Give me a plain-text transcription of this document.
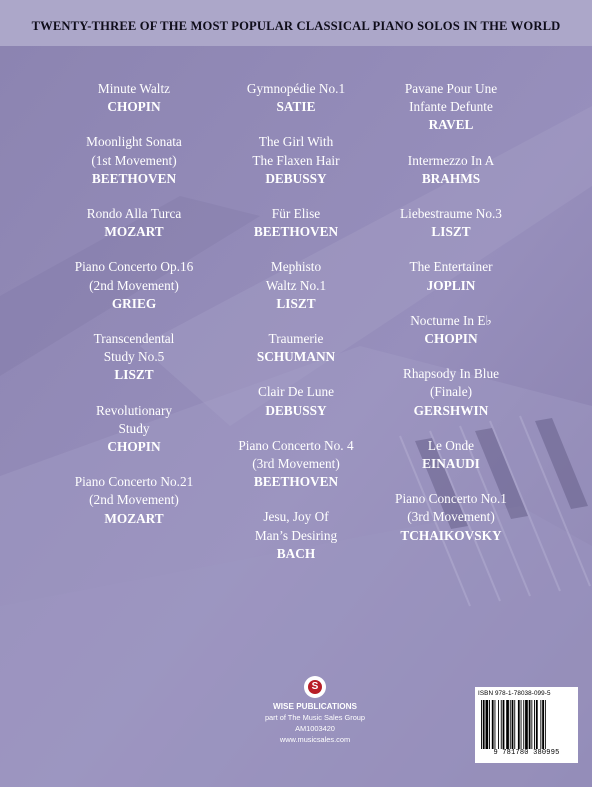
TWENTY-THREE OF THE MOST POPULAR CLASSICAL PIANO SOLOS IN THE WORLD
Minute Waltz
CHOPIN
Moonlight Sonata
(1st Movement)
BEETHOVEN
Rondo Alla Turca
MOZART
Piano Concerto Op.16
(2nd Movement)
GRIEG
Transcendental
Study No.5
LISZT
Revolutionary
Study
CHOPIN
Piano Concerto No.21
(2nd Movement)
MOZART
Gymnopédie No.1
SATIE
The Girl With
The Flaxen Hair
DEBUSSY
Für Elise
BEETHOVEN
Mephisto
Waltz No.1
LISZT
Traumerie
SCHUMANN
Clair De Lune
DEBUSSY
Piano Concerto No. 4
(3rd Movement)
BEETHOVEN
Jesu, Joy Of
Man’s Desiring
BACH
Pavane Pour Une
Infante Defunte
RAVEL
Intermezzo In A
BRAHMS
Liebestraume No.3
LISZT
The Entertainer
JOPLIN
Nocturne In E♭
CHOPIN
Rhapsody In Blue
(Finale)
GERSHWIN
Le Onde
EINAUDI
Piano Concerto No.1
(3rd Movement)
TCHAIKOVSKY
S
WISE PUBLICATIONS
part of The Music Sales Group
AM1003420
www.musicsales.com
ISBN 978-1-78038-099-5
9 781780 380995
